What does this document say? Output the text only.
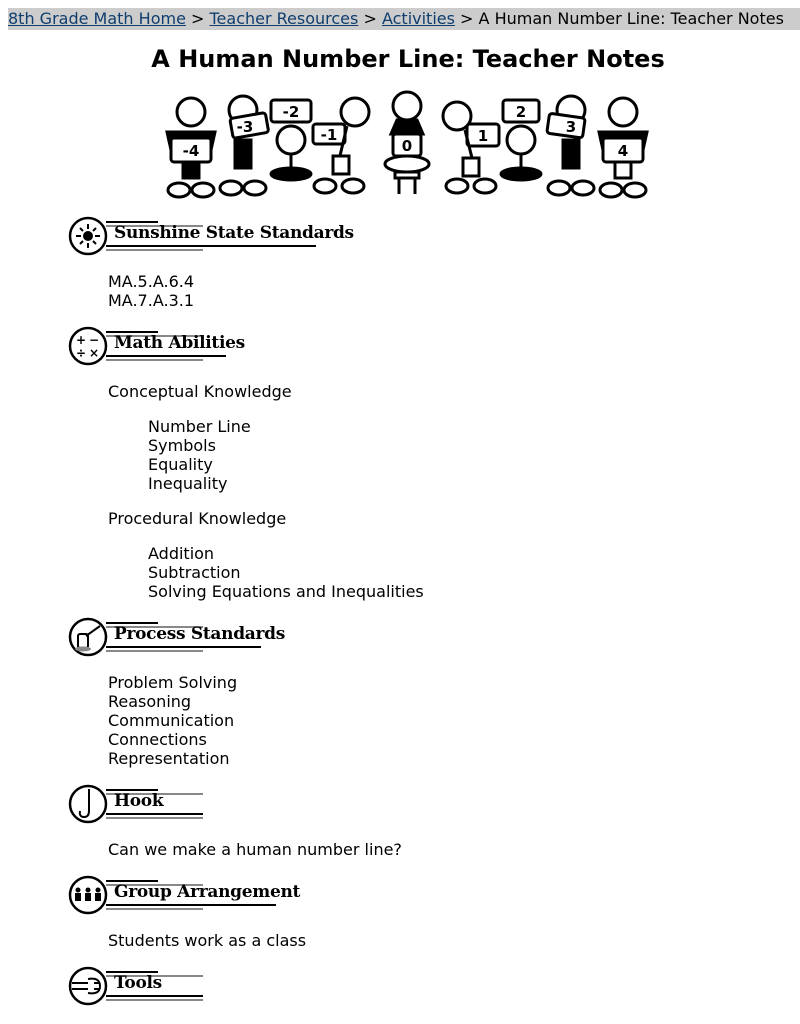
8th Grade Math Home > Teacher Resources > Activities > A Human Number Line: Teacher Notes
A Human Number Line: Teacher Notes
-4
-3
-2
-1
0
1
2
3
4
Sunshine State Standards
MA.5.A.6.4
MA.7.A.3.1
+ −
÷ × Math Abilities
Conceptual Knowledge
Number Line
Symbols
Equality
Inequality
Procedural Knowledge
Addition
Subtraction
Solving Equations and Inequalities
Process Standards
Problem Solving
Reasoning
Communication
Connections
Representation
Hook
Can we make a human number line?
Group Arrangement
Students work as a class
Tools
